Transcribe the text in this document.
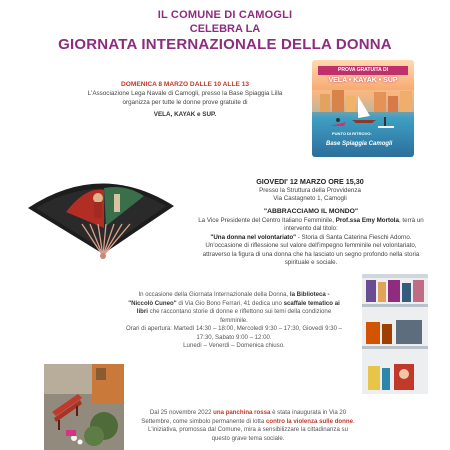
IL COMUNE DI CAMOGLI
CELEBRA LA
GIORNATA INTERNAZIONALE DELLA DONNA
DOMENICA 8 MARZO DALLE 10 ALLE 13
L'Associazione Lega Navale di Camogli, presso la Base Spiaggia Lilla
organizza per tutte le donne prove gratuite di
VELA, KAYAK e SUP.
PROVA GRATUITA DI
VELA • KAYAK • SUP
PUNTO DI RITROVO:
Base Spiaggia Camogli
GIOVEDI' 12 MARZO ORE 15,30
Presso la Struttura della Provvidenza
Via Castagneto 1, Camogli
"ABBRACCIAMO IL MONDO"
La Vice Presidente del Centro Italiano Femminile, Prof.ssa Emy Mortola, terrà un
intervento dal titolo:
"Una donna nel volontariato" - Storia di Santa Caterina Fieschi Adorno.
Un'occasione di riflessione sul valore dell'impegno femminile nel volontariato,
attraverso la figura di una donna che ha lasciato un segno profondo nella storia
spirituale e sociale.
In occasione della Giornata Internazionale della Donna, la Biblioteca -
"Niccolò Cuneo" di Via Gio Bono Ferrari, 41 dedica uno scaffale tematico ai
libri che raccontano storie di donne e riflettono sui temi della condizione
femminile.
Orari di apertura: Martedì 14:30 – 18:00, Mercoledì 9:30 – 17:30, Giovedì 9:30 –
17:30, Sabato 9:00 – 12:00.
Lunedì – Venerdì – Domenica chiuso.
Dal 25 novembre 2022 una panchina rossa è stata inaugurata in Via 20
Settembre, come simbolo permanente di lotta contro la violenza sulle donne.
L'iniziativa, promossa dal Comune, mira a sensibilizzare la cittadinanza su
questo grave tema sociale.
